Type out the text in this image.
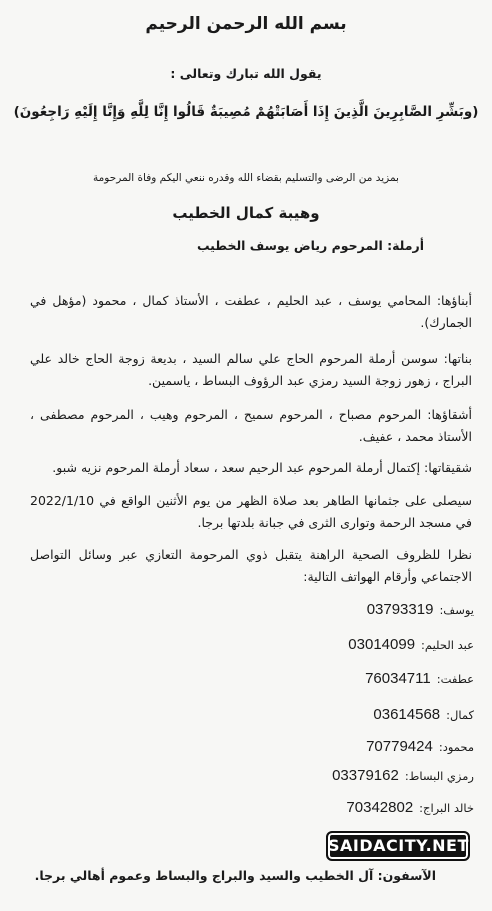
بسم الله الرحمن الرحيم
يقول الله تبارك وتعالى :
(وبَشِّرِ الصَّابِرِينَ الَّذِينَ إِذَا أَصَابَتْهُمْ مُصِيبَةٌ قَالُوا إِنَّا لِلَّهِ وَإِنَّا إِلَيْهِ رَاجِعُونَ)
بمزيد من الرضى والتسليم بقضاء الله وقدره ننعي اليكم وفاة المرحومة
وهيبة كمال الخطيب
أرملة: المرحوم رياض يوسف الخطيب
أبناؤها: المحامي يوسف ، عبد الحليم ، عطفت ، الأستاذ كمال ، محمود (مؤهل في الجمارك).
بناتها: سوسن أرملة المرحوم الحاج علي سالم السيد ، بديعة زوجة الحاج خالد علي البراج ، زهور زوجة السيد رمزي عبد الرؤوف البساط ، ياسمين.
أشقاؤها: المرحوم مصباح ، المرحوم سميح ، المرحوم وهيب ، المرحوم مصطفى ، الأستاذ محمد ، عفيف.
شقيقاتها: إكتمال أرملة المرحوم عبد الرحيم سعد ، سعاد أرملة المرحوم نزيه شبو.
سيصلى على جثمانها الطاهر بعد صلاة الظهر من يوم الأثنين الواقع في 2022/1/10 في مسجد الرحمة وتوارى الثرى في جبانة بلدتها برجا.
نظرا للظروف الصحية الراهنة يتقبل ذوي المرحومة التعازي عبر وسائل التواصل الاجتماعي وأرقام الهواتف التالية:
يوسف:03793319
عبد الحليم:03014099
عطفت:76034711
كمال:03614568
محمود:70779424
رمزي البساط:03379162
خالد البراج:70342802
SAIDACITY.NET
الآسفون: آل الخطيب والسيد والبراج والبساط وعموم أهالي برجا.
